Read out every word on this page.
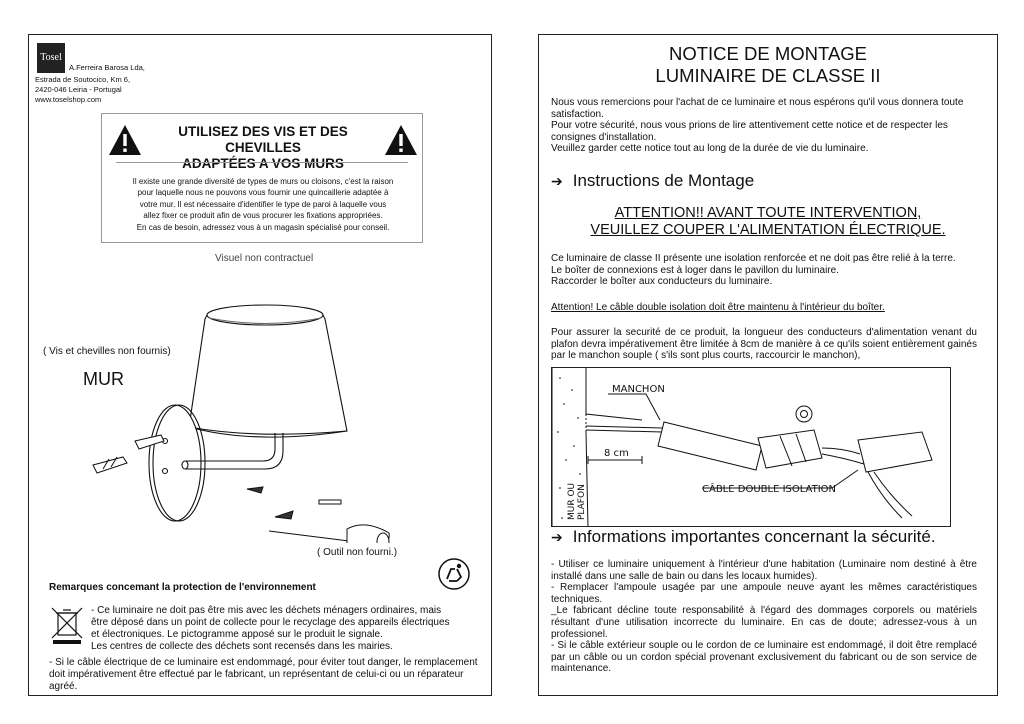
Tosel
A.Ferreira Barosa Lda,
Estrada de Soutocico, Km 6,
2420-046 Leiria - Portugal
www.toselshop.com
UTILISEZ DES VIS ET DES CHEVILLES
ADAPTÉES A VOS MURS
Il existe une grande diversité de types de murs ou cloisons, c'est la raison
pour laquelle nous ne pouvons vous fournir une quincaillerie adaptée à
votre mur. Il est nécessaire d'identifier le type de paroi à laquelle vous
allez fixer ce produit afin de vous procurer les fixations appropriées.
En cas de besoin, adressez vous à un magasin spécialisé pour conseil.
Visuel non contractuel
( Vis et chevilles non fournis)
MUR
( Outil non fourni.)
Remarques concemant la protection de l'environnement
- Ce luminaire ne doit pas être mis avec les déchets ménagers ordinaires, mais
être déposé dans un point de collecte pour le recyclage des appareils électriques
et électroniques. Le pictogramme apposé sur le produit le signale.
Les centres de collecte des déchets sont recensés dans les mairies.
- Si le câble électrique de ce luminaire est endommagé, pour éviter tout danger, le remplacement doit impérativement être effectué par le fabricant, un représentant de celui-ci ou un réparateur agréé.
NOTICE DE MONTAGE
LUMINAIRE DE CLASSE II
Nous vous remercions pour l'achat de ce luminaire et nous espérons qu'il vous donnera toute satisfaction.
Pour votre sécurité, nous vous prions de lire attentivement cette notice et de respecter les consignes d'installation.
Veuillez garder cette notice tout au long de la durée de vie du luminaire.
➔ Instructions de Montage
ATTENTION!! AVANT TOUTE INTERVENTION,
VEUILLEZ COUPER L'ALIMENTATION ÉLECTRIQUE.
Ce luminaire de classe II présente une isolation renforcée et ne doit pas être relié à la terre.
Le boîter de connexions est à loger dans le pavillon du luminaire.
Raccorder le boîter aux conducteurs du luminaire.
Attention! Le câble double isolation doit être maintenu à l'intérieur du boîter.
Pour assurer la securité de ce produit, la longueur des conducteurs d'alimentation venant du plafon devra impérativement être limitée à 8cm de manière à ce qu'ils soient entièrement gainés par le manchon souple ( s'ils sont plus courts, raccourcir le manchon),
MANCHON
8 cm
CÂBLE DOUBLE ISOLATION
MUR OU PLAFON
➔ Informations importantes concernant la sécurité.
- Utiliser ce luminaire uniquement à l'intérieur d'une habitation (Luminaire nom destiné à être installé dans une salle de bain ou dans les locaux humides).
- Remplacer l'ampoule usagée par une ampoule neuve ayant les mêmes caractéristiques techniques.
_Le fabricant décline toute responsabilité à l'égard des dommages corporels ou matériels résultant d'une utilisation incorrecte du luminaire. En cas de doute; adressez-vous à un professionel.
- Si le câble extérieur souple ou le cordon de ce luminaire est endommagé, il doit être remplacé par un câble ou un cordon spécial provenant exclusivement du fabricant ou de son service de maintenance.
